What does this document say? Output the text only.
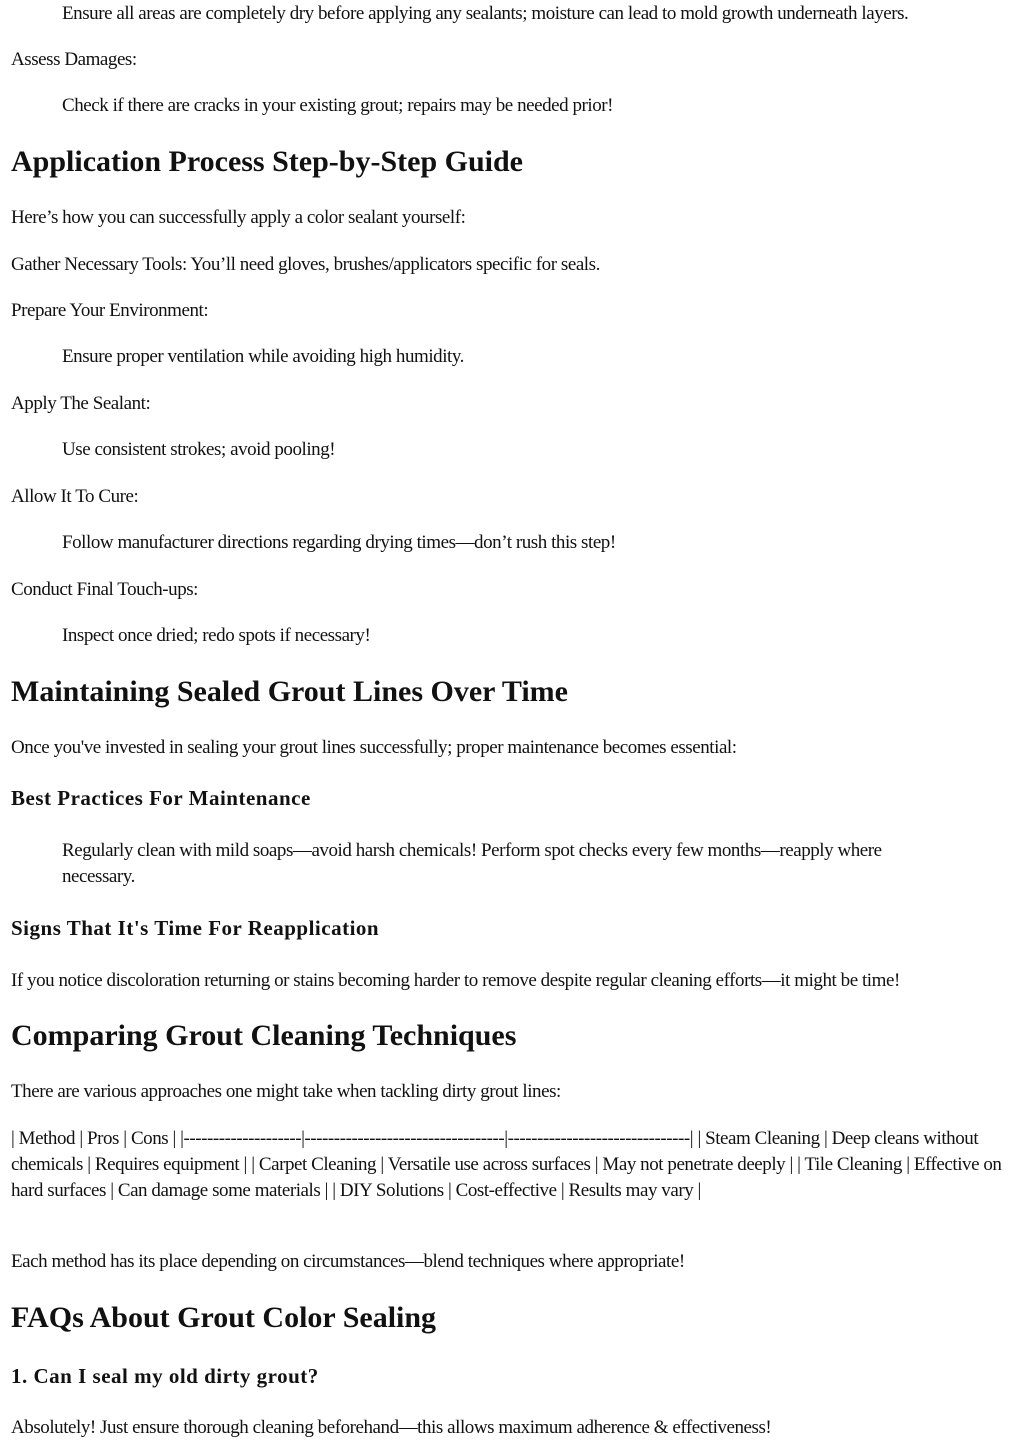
Ensure all areas are completely dry before applying any sealants; moisture can lead to mold growth underneath layers.

Assess Damages:

Check if there are cracks in your existing grout; repairs may be needed prior!

Application Process Step-by-Step Guide

Here’s how you can successfully apply a color sealant yourself:

Gather Necessary Tools: You’ll need gloves, brushes/applicators specific for seals.

Prepare Your Environment:

Ensure proper ventilation while avoiding high humidity.

Apply The Sealant:

Use consistent strokes; avoid pooling!

Allow It To Cure:

Follow manufacturer directions regarding drying times—don’t rush this step!

Conduct Final Touch-ups:

Inspect once dried; redo spots if necessary!

Maintaining Sealed Grout Lines Over Time

Once you've invested in sealing your grout lines successfully; proper maintenance becomes essential:

Best Practices For Maintenance

Regularly clean with mild soaps—avoid harsh chemicals! Perform spot checks every few months—reapply where necessary.

Signs That It's Time For Reapplication

If you notice discoloration returning or stains becoming harder to remove despite regular cleaning efforts—it might be time!

Comparing Grout Cleaning Techniques

There are various approaches one might take when tackling dirty grout lines:

| Method | Pros | Cons | |--------------------|----------------------------------|-------------------------------| | Steam Cleaning | Deep cleans without chemicals | Requires equipment | | Carpet Cleaning | Versatile use across surfaces | May not penetrate deeply | | Tile Cleaning | Effective on hard surfaces | Can damage some materials | | DIY Solutions | Cost-effective | Results may vary |

Each method has its place depending on circumstances—blend techniques where appropriate!

FAQs About Grout Color Sealing
1. Can I seal my old dirty grout?

Absolutely! Just ensure thorough cleaning beforehand—this allows maximum adherence & effectiveness!
